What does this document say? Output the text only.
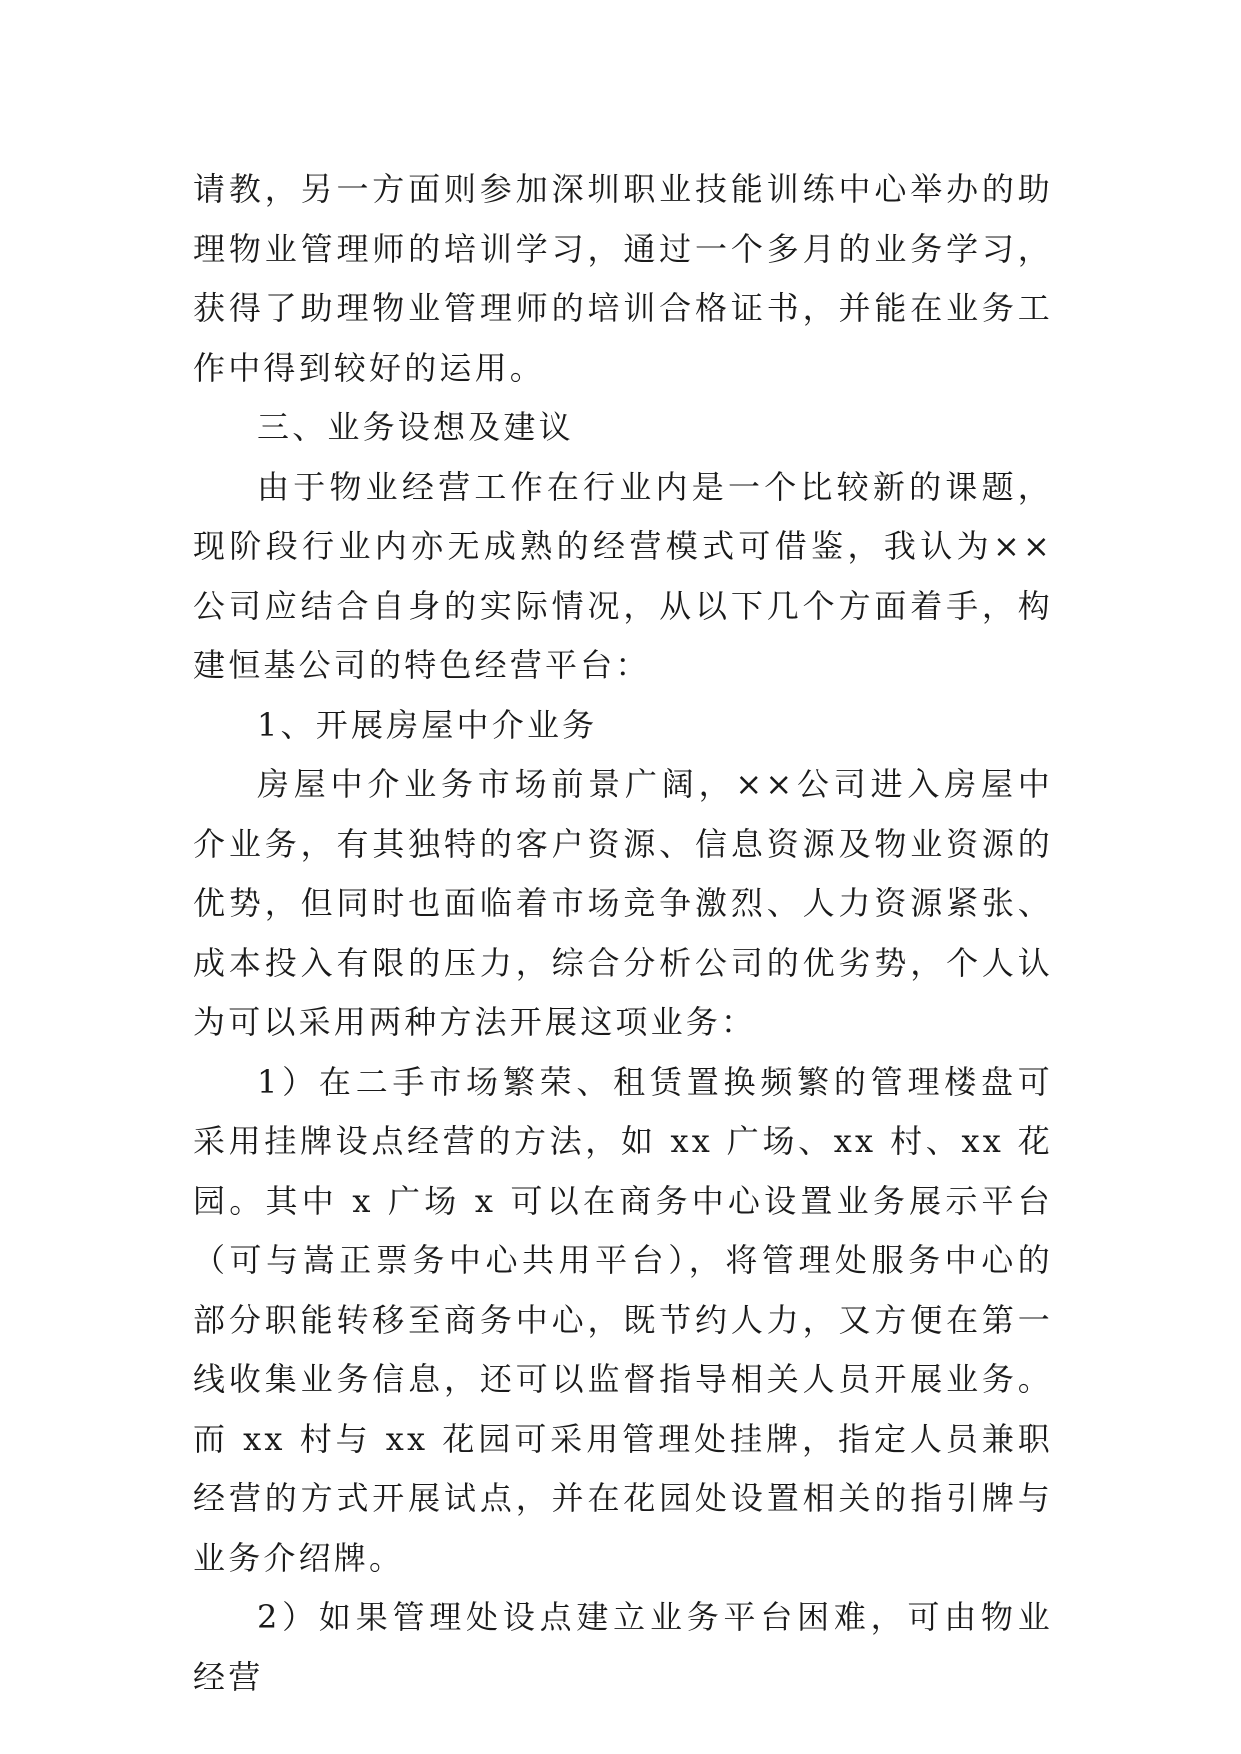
请教，另一方面则参加深圳职业技能训练中心举办的助理物业管理师的培训学习，通过一个多月的业务学习，获得了助理物业管理师的培训合格证书，并能在业务工作中得到较好的运用。

三、业务设想及建议

由于物业经营工作在行业内是一个比较新的课题，现阶段行业内亦无成熟的经营模式可借鉴，我认为××公司应结合自身的实际情况，从以下几个方面着手，构建恒基公司的特色经营平台：

1、开展房屋中介业务

房屋中介业务市场前景广阔，××公司进入房屋中介业务，有其独特的客户资源、信息资源及物业资源的优势，但同时也面临着市场竞争激烈、人力资源紧张、成本投入有限的压力，综合分析公司的优劣势，个人认为可以采用两种方法开展这项业务：

1）在二手市场繁荣、租赁置换频繁的管理楼盘可采用挂牌设点经营的方法，如 xx 广场、xx 村、xx 花园。其中 x 广场 x 可以在商务中心设置业务展示平台（可与嵩正票务中心共用平台），将管理处服务中心的部分职能转移至商务中心，既节约人力，又方便在第一线收集业务信息，还可以监督指导相关人员开展业务。而 xx 村与 xx 花园可采用管理处挂牌，指定人员兼职经营的方式开展试点，并在花园处设置相关的指引牌与业务介绍牌。

2）如果管理处设点建立业务平台困难，可由物业经营
